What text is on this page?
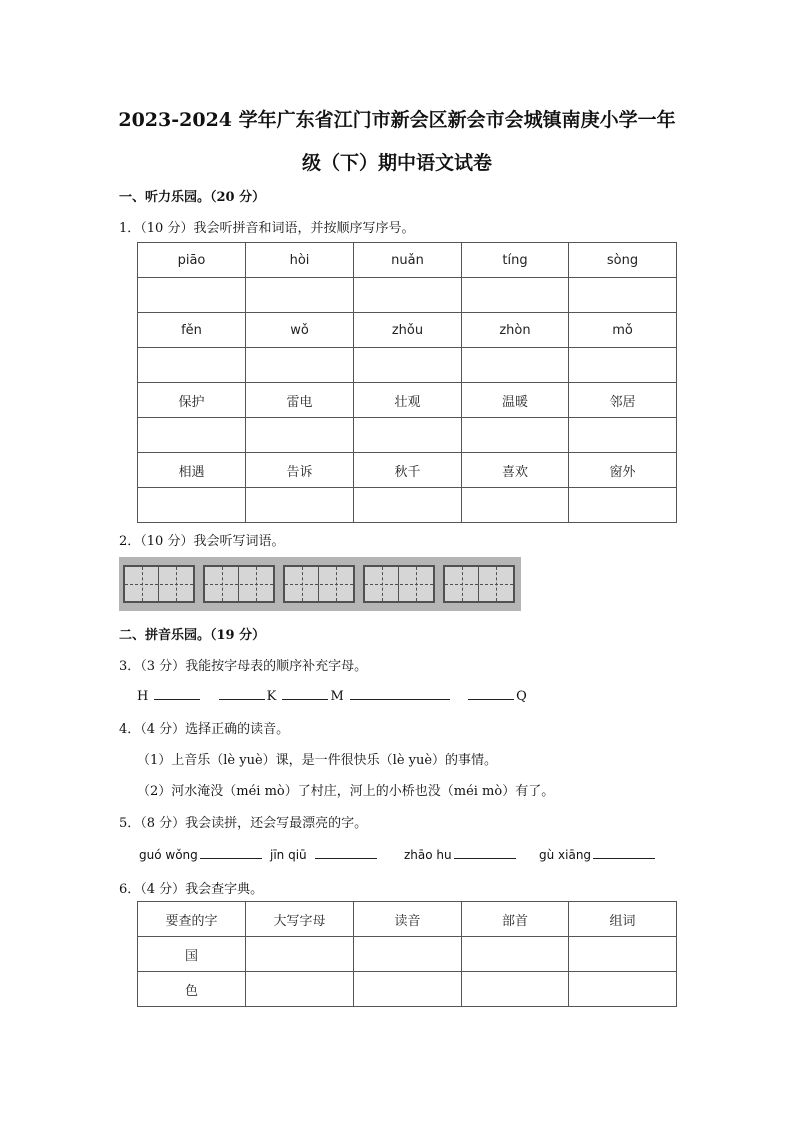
2023-2024 学年广东省江门市新会区新会市会城镇南庚小学一年
级（下）期中语文试卷
一、听力乐园。（20 分）
1．（10 分）我会听拼音和词语，并按顺序写序号。
piāo	hòi	nuǎn	tíng	sòng

fěn	wǒ	zhǒu	zhòn	mǒ

保护	雷电	壮观	温暖	邻居

相遇	告诉	秋千	喜欢	窗外

2．（10 分）我会听写词语。
二、拼音乐园。（19 分）
3．（3 分）我能按字母表的顺序补充字母。
H	K	M	Q
4．（4 分）选择正确的读音。
（1）上音乐（lè yuè）课，是一件很快乐（lè yuè）的事情。
（2）河水淹没（méi mò）了村庄，河上的小桥也没（méi mò）有了。
5．（8 分）我会读拼，还会写最漂亮的字。
guó wǒng	jīn qiū	zhāo hu	gù xiāng
6．（4 分）我会查字典。
要查的字	大写字母	读音	部首	组词
国				
色				
